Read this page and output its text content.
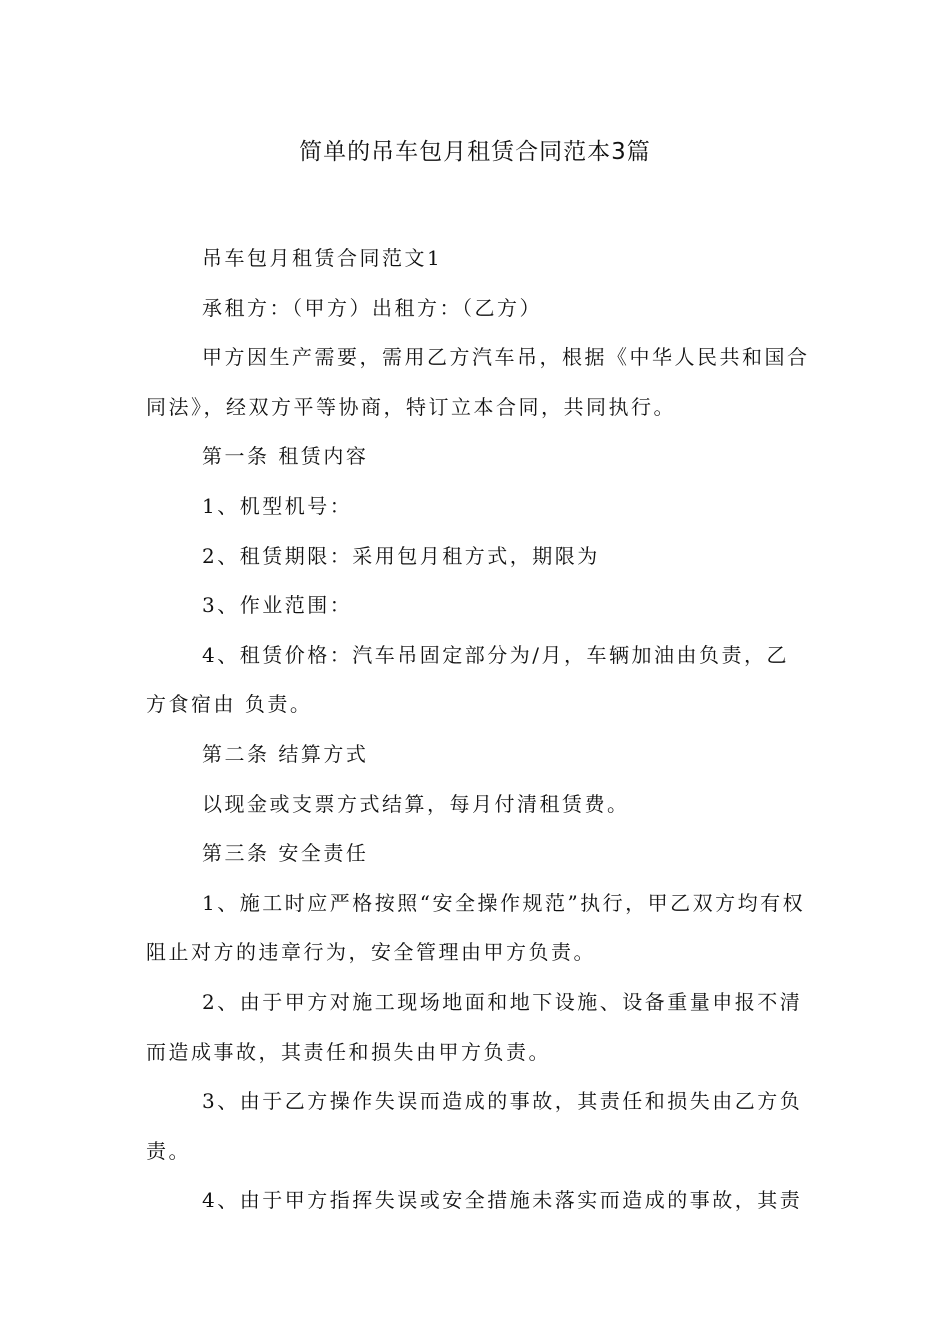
简单的吊车包月租赁合同范本3篇

吊车包月租赁合同范文1

承租方：（甲方）出租方：（乙方）

甲方因生产需要，需用乙方汽车吊，根据《中华人民共和国合同法》，经双方平等协商，特订立本合同，共同执行。

第一条 租赁内容

1、机型机号：

2、租赁期限：采用包月租方式，期限为

3、作业范围：

4、租赁价格：汽车吊固定部分为/月，车辆加油由负责，乙方食宿由 负责。

第二条 结算方式

以现金或支票方式结算，每月付清租赁费。

第三条 安全责任

1、施工时应严格按照“安全操作规范”执行，甲乙双方均有权阻止对方的违章行为，安全管理由甲方负责。

2、由于甲方对施工现场地面和地下设施、设备重量申报不清而造成事故，其责任和损失由甲方负责。

3、由于乙方操作失误而造成的事故，其责任和损失由乙方负责。

4、由于甲方指挥失误或安全措施未落实而造成的事故，其责
